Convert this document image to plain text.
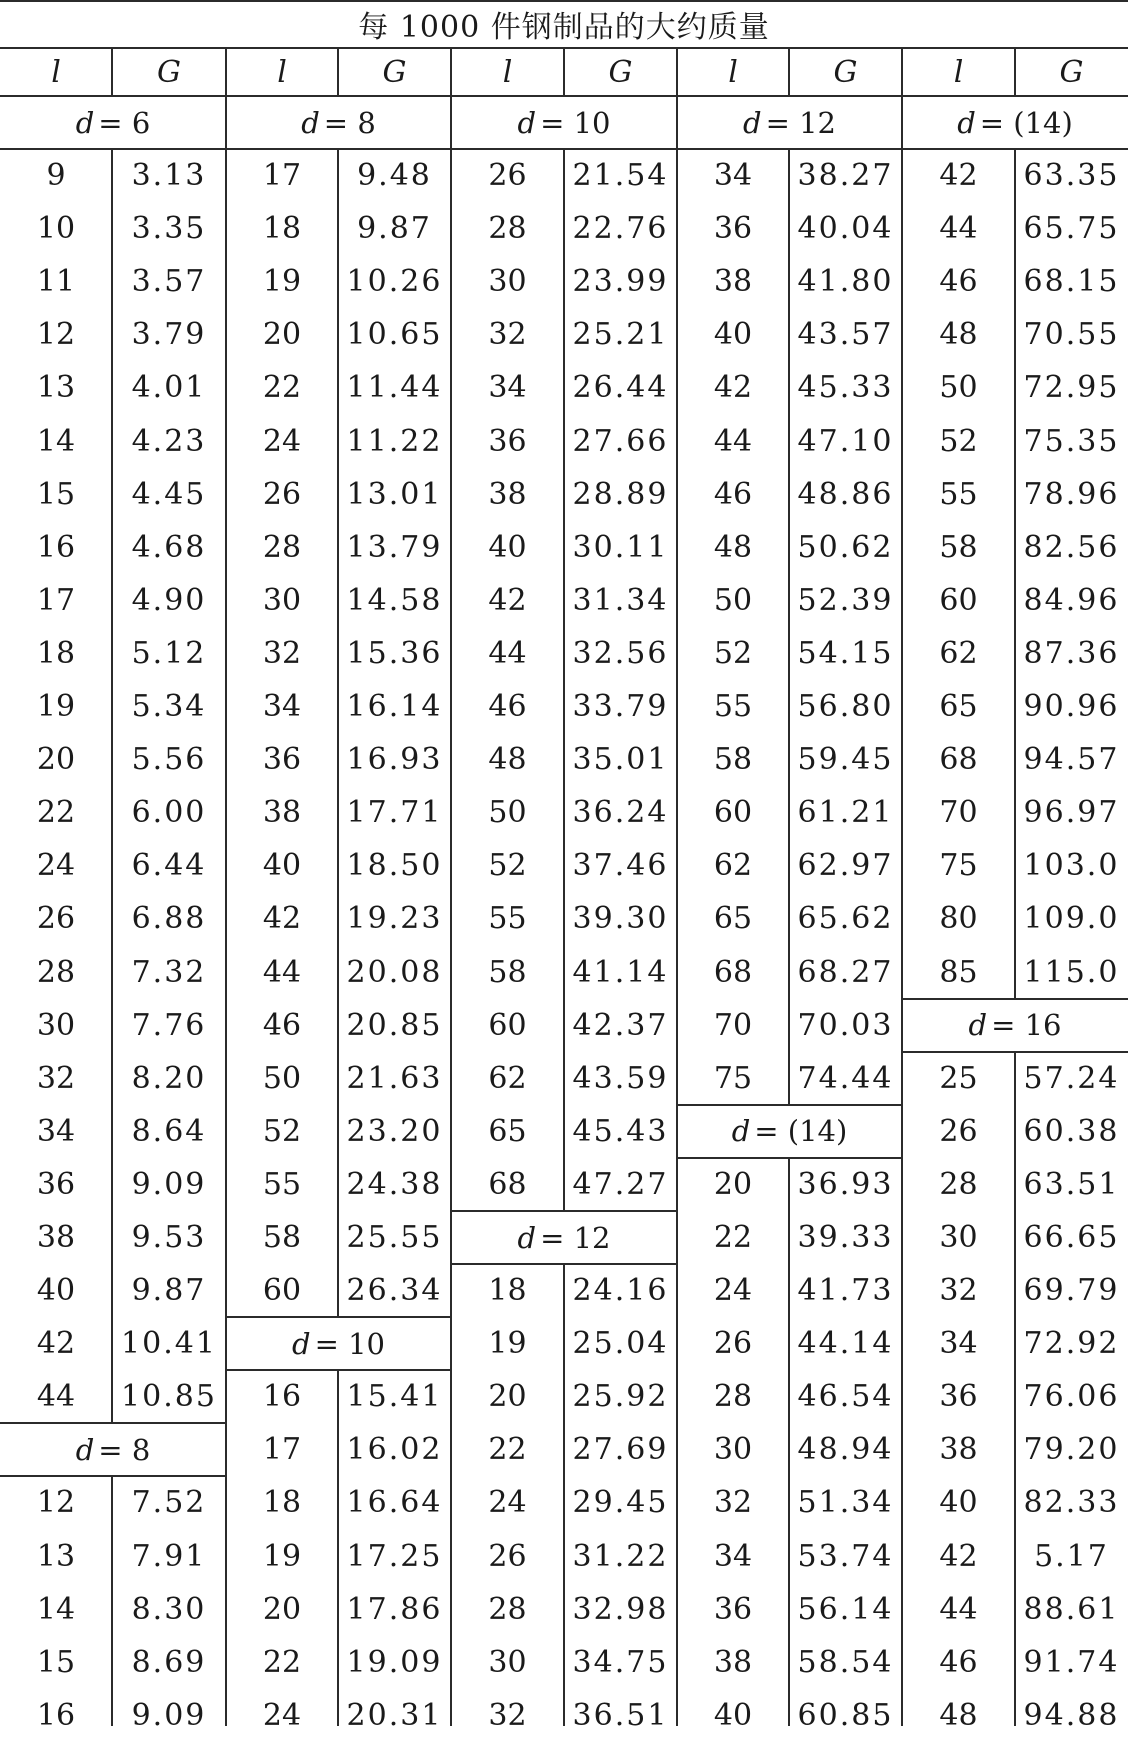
每 1000 件钢制品的大约质量
l	G	l	G	l	G	l	G	l	G
d = 6
9	3.13
10	3.35
11	3.57
12	3.79
13	4.01
14	4.23
15	4.45
16	4.68
17	4.90
18	5.12
19	5.34
20	5.56
22	6.00
24	6.44
26	6.88
28	7.32
30	7.76
32	8.20
34	8.64
36	9.09
38	9.53
40	9.87
42	10.41
44	10.85
d = 8
12	7.52
13	7.91
14	8.30
15	8.69
16	9.09
d = 8
17	9.48
18	9.87
19	10.26
20	10.65
22	11.44
24	11.22
26	13.01
28	13.79
30	14.58
32	15.36
34	16.14
36	16.93
38	17.71
40	18.50
42	19.23
44	20.08
46	20.85
50	21.63
52	23.20
55	24.38
58	25.55
60	26.34
d = 10
16	15.41
17	16.02
18	16.64
19	17.25
20	17.86
22	19.09
24	20.31
d = 10
26	21.54
28	22.76
30	23.99
32	25.21
34	26.44
36	27.66
38	28.89
40	30.11
42	31.34
44	32.56
46	33.79
48	35.01
50	36.24
52	37.46
55	39.30
58	41.14
60	42.37
62	43.59
65	45.43
68	47.27
d = 12
18	24.16
19	25.04
20	25.92
22	27.69
24	29.45
26	31.22
28	32.98
30	34.75
32	36.51
d = 12
34	38.27
36	40.04
38	41.80
40	43.57
42	45.33
44	47.10
46	48.86
48	50.62
50	52.39
52	54.15
55	56.80
58	59.45
60	61.21
62	62.97
65	65.62
68	68.27
70	70.03
75	74.44
d = (14)
20	36.93
22	39.33
24	41.73
26	44.14
28	46.54
30	48.94
32	51.34
34	53.74
36	56.14
38	58.54
40	60.85
d = (14)
42	63.35
44	65.75
46	68.15
48	70.55
50	72.95
52	75.35
55	78.96
58	82.56
60	84.96
62	87.36
65	90.96
68	94.57
70	96.97
75	103.0
80	109.0
85	115.0
d = 16
25	57.24
26	60.38
28	63.51
30	66.65
32	69.79
34	72.92
36	76.06
38	79.20
40	82.33
42	5.17
44	88.61
46	91.74
48	94.88
